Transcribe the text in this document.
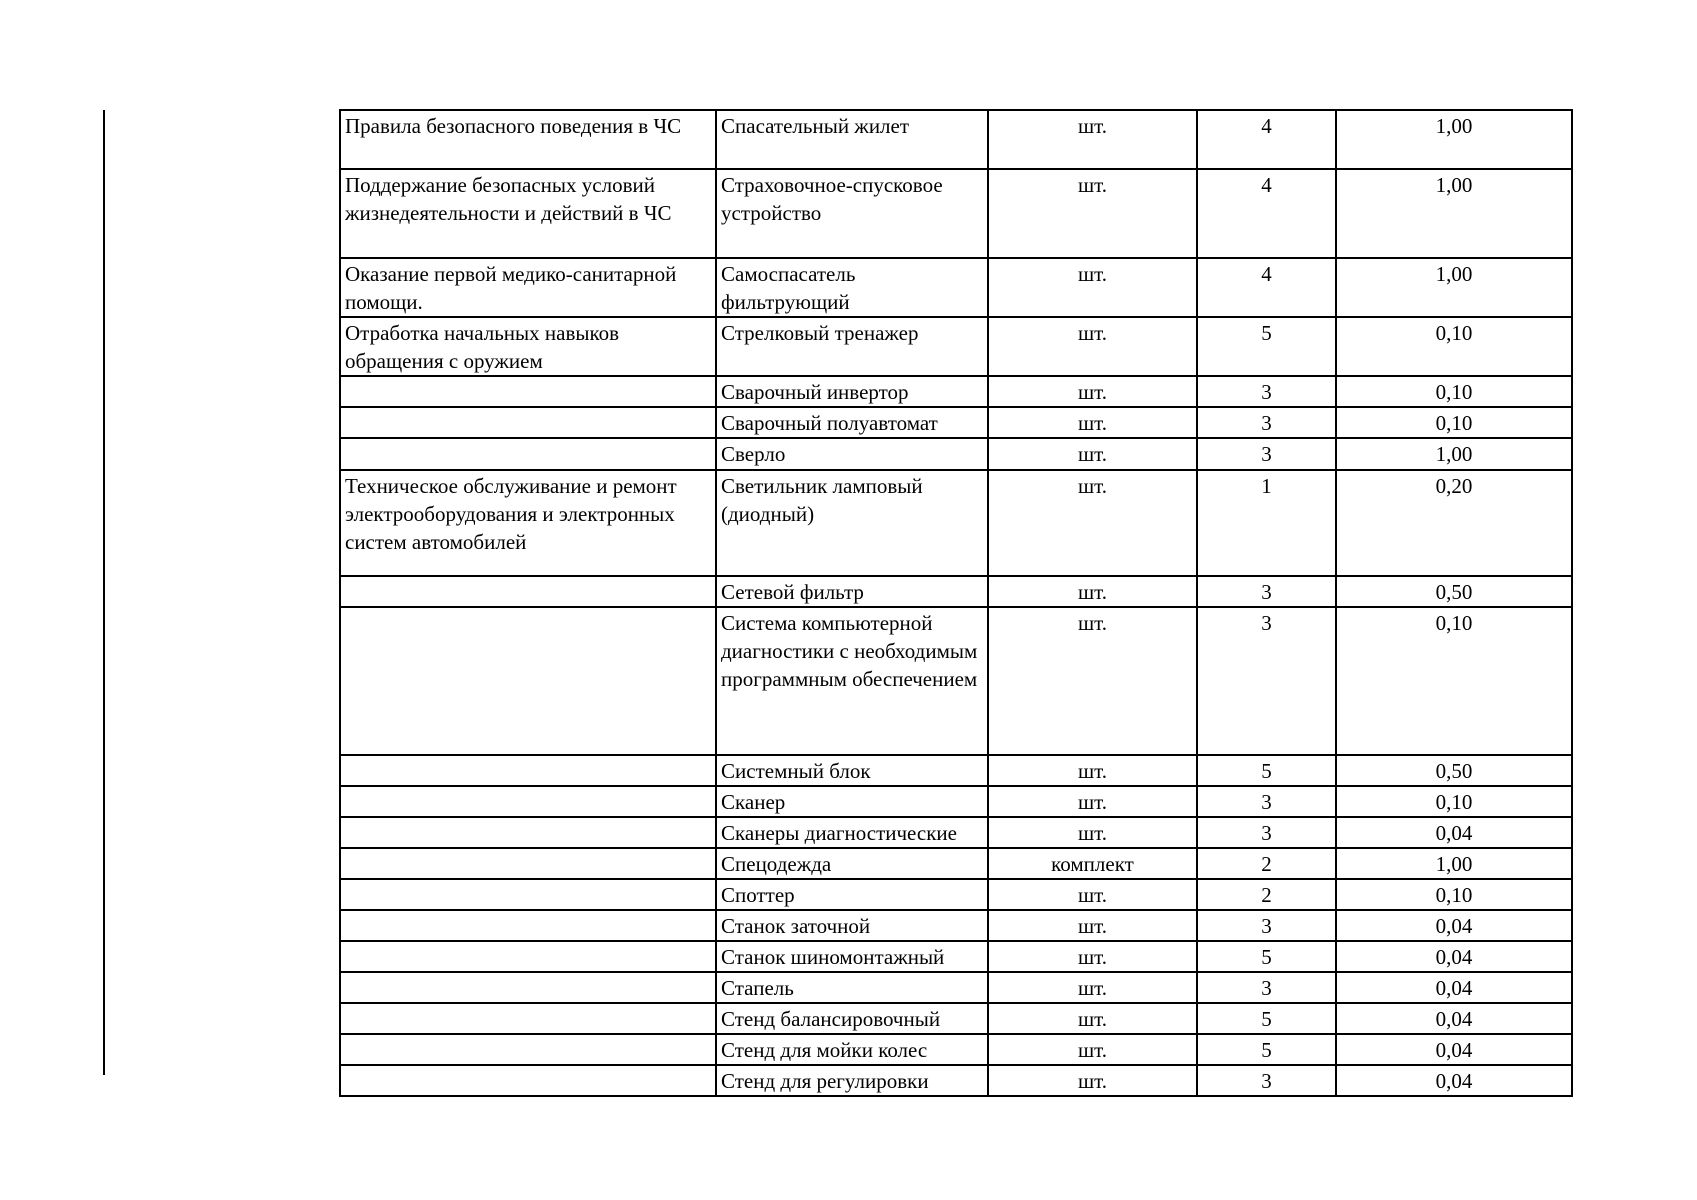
Правила безопасного поведения в ЧС	Спасательный жилет	шт.	4	1,00
Поддержание безопасных условий жизнедеятельности и действий в ЧС	Страховочное-спусковое устройство	шт.	4	1,00
Оказание первой медико-санитарной помощи.	Самоспасатель фильтрующий	шт.	4	1,00
Отработка начальных навыков обращения с оружием	Стрелковый тренажер	шт.	5	0,10
	Сварочный инвертор	шт.	3	0,10
	Сварочный полуавтомат	шт.	3	0,10
	Сверло	шт.	3	1,00
Техническое обслуживание и ремонт электрооборудования и электронных систем автомобилей	Светильник ламповый (диодный)	шт.	1	0,20
	Сетевой фильтр	шт.	3	0,50
	Система компьютерной диагностики с необходимым программным обеспечением	шт.	3	0,10
	Системный блок	шт.	5	0,50
	Сканер	шт.	3	0,10
	Сканеры диагностические	шт.	3	0,04
	Спецодежда	комплект	2	1,00
	Споттер	шт.	2	0,10
	Станок заточной	шт.	3	0,04
	Станок шиномонтажный	шт.	5	0,04
	Стапель	шт.	3	0,04
	Стенд балансировочный	шт.	5	0,04
	Стенд для мойки колес	шт.	5	0,04
	Стенд для регулировки	шт.	3	0,04
